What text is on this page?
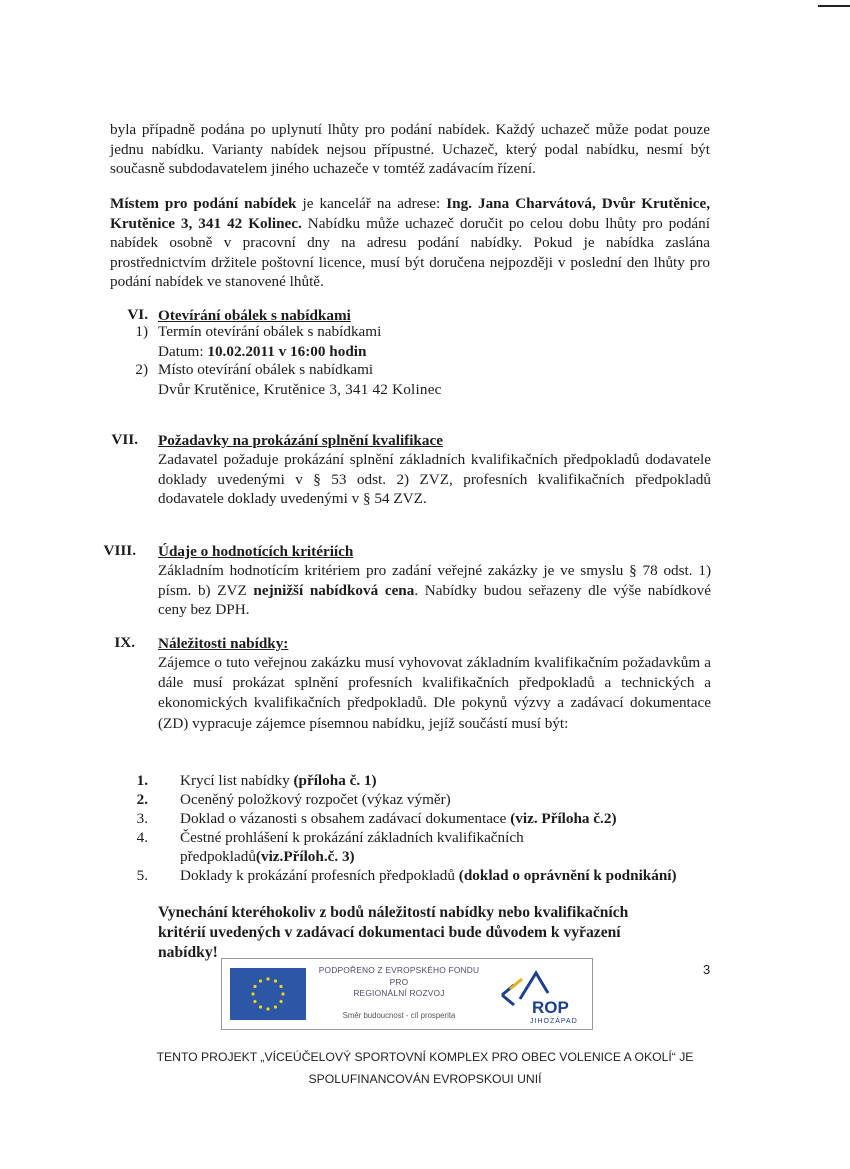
byla případně podána po uplynutí lhůty pro podání nabídek. Každý uchazeč může podat pouze jednu nabídku. Varianty nabídek nejsou přípustné. Uchazeč, který podal nabídku, nesmí být současně subdodavatelem jiného uchazeče v tomtéž zadávacím řízení.
Místem pro podání nabídek je kancelář na adrese: Ing. Jana Charvátová, Dvůr Krutěnice, Krutěnice 3, 341 42 Kolinec. Nabídku může uchazeč doručit po celou dobu lhůty pro podání nabídek osobně v pracovní dny na adresu podání nabídky. Pokud je nabídka zaslána prostřednictvím držitele poštovní licence, musí být doručena nejpozději v poslední den lhůty pro podání nabídek ve stanovené lhůtě.
VI. Otevírání obálek s nabídkami
1) Termín otevírání obálek s nabídkami
Datum: 10.02.2011 v 16:00 hodin
2) Místo otevírání obálek s nabídkami
Dvůr Krutěnice, Krutěnice 3, 341 42 Kolinec
VII. Požadavky na prokázání splnění kvalifikace
Zadavatel požaduje prokázání splnění základních kvalifikačních předpokladů dodavatele doklady uvedenými v § 53 odst. 2) ZVZ, profesních kvalifikačních předpokladů dodavatele doklady uvedenými v § 54 ZVZ.
VIII. Údaje o hodnotících kritériích
Základním hodnotícím kritériem pro zadání veřejné zakázky je ve smyslu § 78 odst. 1) písm. b) ZVZ nejnižší nabídková cena. Nabídky budou seřazeny dle výše nabídkové ceny bez DPH.
IX. Náležitosti nabídky:
Zájemce o tuto veřejnou zakázku musí vyhovovat základním kvalifikačním požadavkům a dále musí prokázat splnění profesních kvalifikačních předpokladů a technických a ekonomických kvalifikačních předpokladů. Dle pokynů výzvy a zadávací dokumentace (ZD) vypracuje zájemce písemnou nabídku, jejíž součástí musí být:
1. Krycí list nabídky (příloha č. 1)
2. Oceněný položkový rozpočet (výkaz výměr)
3. Doklad o vázanosti s obsahem zadávací dokumentace (viz. Příloha č.2)
4. Čestné prohlášení k prokázání základních kvalifikačních předpokladů(viz.Příloh.č. 3)
5. Doklady k prokázání profesních předpokladů (doklad o oprávnění k podnikání)
Vynechání kteréhokoliv z bodů náležitostí nabídky nebo kvalifikačních kritérií uvedených v zadávací dokumentaci bude důvodem k vyřazení nabídky!
PODPOŘENO Z EVROPSKÉHO FONDU
PRO
REGIONÁLNÍ ROZVOJ
Směr budoucnost - cíl prosperita	ROP
JIHOZÁPAD
3
TENTO PROJEKT „VÍCEÚČELOVÝ SPORTOVNÍ KOMPLEX PRO OBEC VOLENICE A OKOLÍ“ JE
SPOLUFINANCOVÁN EVROPSKOUI UNIÍ
